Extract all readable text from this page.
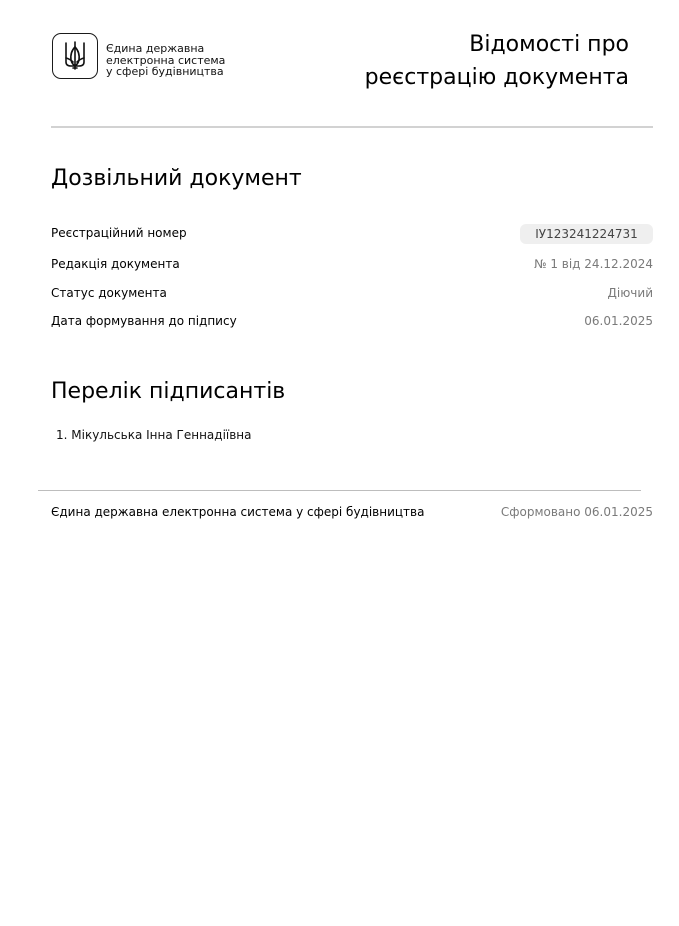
Єдина державна
електронна система
у сфері будівництва
Відомості про
реєстрацію документа
Дозвільний документ
Реєстраційний номер	ІУ123241224731
Редакція документа	№ 1 від 24.12.2024
Статус документа	Діючий
Дата формування до підпису	06.01.2025
Перелік підписантів
1. Мікульська Інна Геннадіївна
Єдина державна електронна система у сфері будівництва	Сформовано 06.01.2025
